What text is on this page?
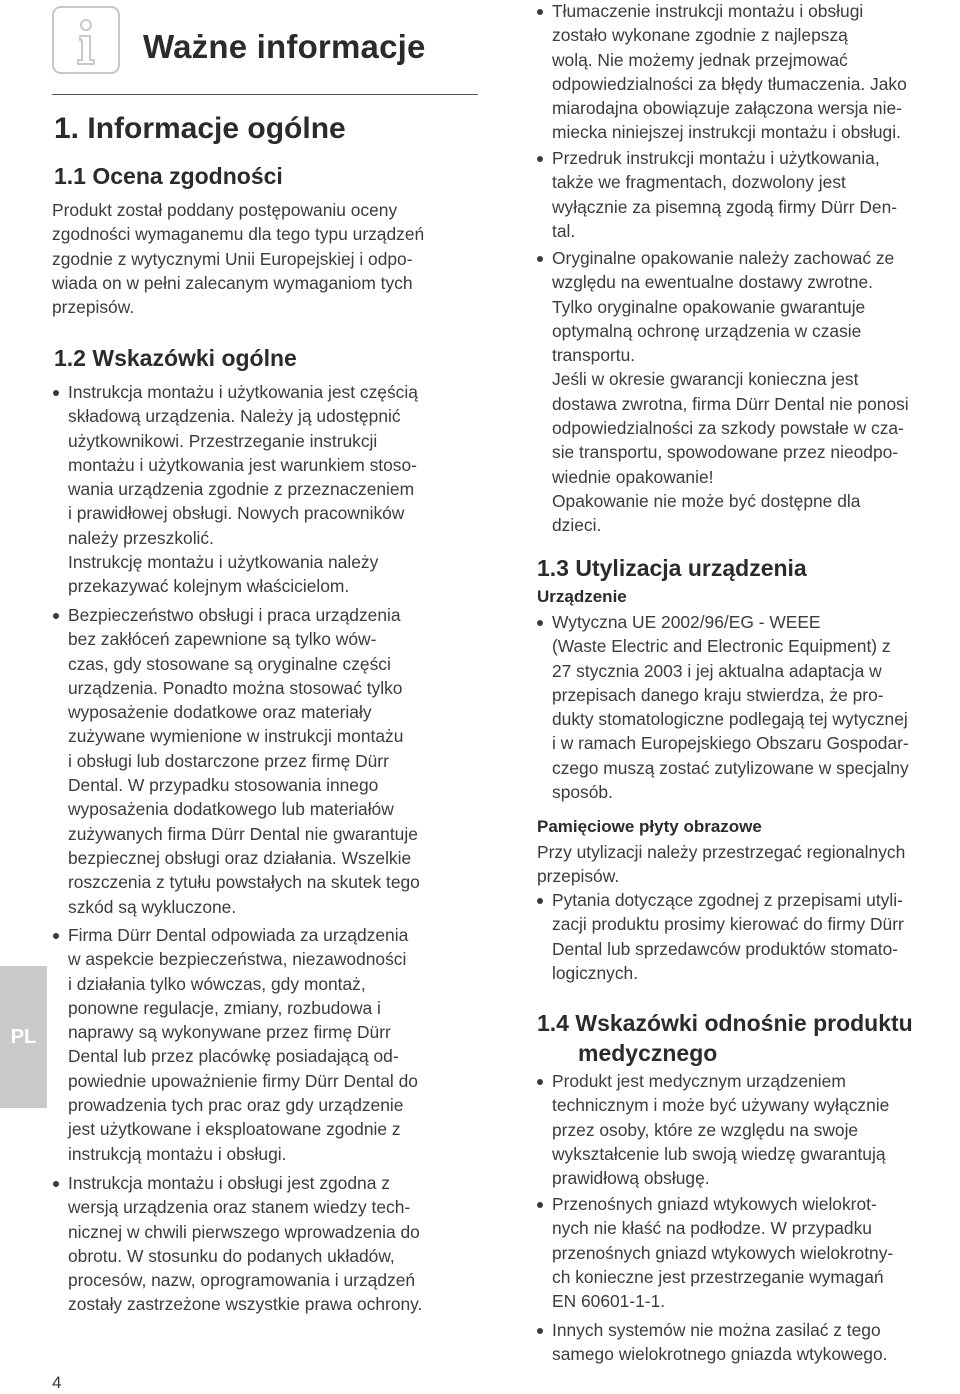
Ważne informacje
1. Informacje ogólne
1.1 Ocena zgodności
Produkt został poddany postępowaniu oceny
zgodności wymaganemu dla tego typu urządzeń
zgodnie z wytycznymi Unii Europejskiej i odpo-
wiada on w pełni zalecanym wymaganiom tych
przepisów.
1.2 Wskazówki ogólne
Instrukcja montażu i użytkowania jest częścią
składową urządzenia. Należy ją udostępnić
użytkownikowi. Przestrzeganie instrukcji
montażu i użytkowania jest warunkiem stoso-
wania urządzenia zgodnie z przeznaczeniem
i prawidłowej obsługi. Nowych pracowników
należy przeszkolić.
Instrukcję montażu i użytkowania należy
przekazywać kolejnym właścicielom.
Bezpieczeństwo obsługi i praca urządzenia
bez zakłóceń zapewnione są tylko wów-
czas, gdy stosowane są oryginalne części
urządzenia. Ponadto można stosować tylko
wyposażenie dodatkowe oraz materiały
zużywane wymienione w instrukcji montażu
i obsługi lub dostarczone przez firmę Dürr
Dental. W przypadku stosowania innego
wyposażenia dodatkowego lub materiałów
zużywanych firma Dürr Dental nie gwarantuje
bezpiecznej obsługi oraz działania. Wszelkie
roszczenia z tytułu powstałych na skutek tego
szkód są wykluczone.
Firma Dürr Dental odpowiada za urządzenia
w aspekcie bezpieczeństwa, niezawodności
i działania tylko wówczas, gdy montaż,
ponowne regulacje, zmiany, rozbudowa i
naprawy są wykonywane przez firmę Dürr
Dental lub przez placówkę posiadającą od-
powiednie upoważnienie firmy Dürr Dental do
prowadzenia tych prac oraz gdy urządzenie
jest użytkowane i eksploatowane zgodnie z
instrukcją montażu i obsługi.
Instrukcja montażu i obsługi jest zgodna z
wersją urządzenia oraz stanem wiedzy tech-
nicznej w chwili pierwszego wprowadzenia do
obrotu. W stosunku do podanych układów,
procesów, nazw, oprogramowania i urządzeń
zostały zastrzeżone wszystkie prawa ochrony.
Tłumaczenie instrukcji montażu i obsługi
zostało wykonane zgodnie z najlepszą
wolą. Nie możemy jednak przejmować
odpowiedzialności za błędy tłumaczenia. Jako
miarodajna obowiązuje załączona wersja nie-
miecka niniejszej instrukcji montażu i obsługi.
Przedruk instrukcji montażu i użytkowania,
także we fragmentach, dozwolony jest
wyłącznie za pisemną zgodą firmy Dürr Den-
tal.
Oryginalne opakowanie należy zachować ze
względu na ewentualne dostawy zwrotne.
Tylko oryginalne opakowanie gwarantuje
optymalną ochronę urządzenia w czasie
transportu.
Jeśli w okresie gwarancji konieczna jest
dostawa zwrotna, firma Dürr Dental nie ponosi
odpowiedzialności za szkody powstałe w cza-
sie transportu, spowodowane przez nieodpo-
wiednie opakowanie!
Opakowanie nie może być dostępne dla
dzieci.
1.3 Utylizacja urządzenia
Urządzenie
Wytyczna UE 2002/96/EG - WEEE
(Waste Electric and Electronic Equipment) z
27 stycznia 2003 i jej aktualna adaptacja w
przepisach danego kraju stwierdza, że pro-
dukty stomatologiczne podlegają tej wytycznej
i w ramach Europejskiego Obszaru Gospodar-
czego muszą zostać zutylizowane w specjalny
sposób.
Pamięciowe płyty obrazowe
Przy utylizacji należy przestrzegać regionalnych
przepisów.
Pytania dotyczące zgodnej z przepisami utyli-
zacji produktu prosimy kierować do firmy Dürr
Dental lub sprzedawców produktów stomato-
logicznych.
1.4 Wskazówki odnośnie produktu
medycznego
Produkt jest medycznym urządzeniem
technicznym i może być używany wyłącznie
przez osoby, które ze względu na swoje
wykształcenie lub swoją wiedzę gwarantują
prawidłową obsługę.
Przenośnych gniazd wtykowych wielokrot-
nych nie kłaść na podłodze. W przypadku
przenośnych gniazd wtykowych wielokrotny-
ch konieczne jest przestrzeganie wymagań
EN 60601-1-1.
Innych systemów nie można zasilać z tego
samego wielokrotnego gniazda wtykowego.
PL
4
